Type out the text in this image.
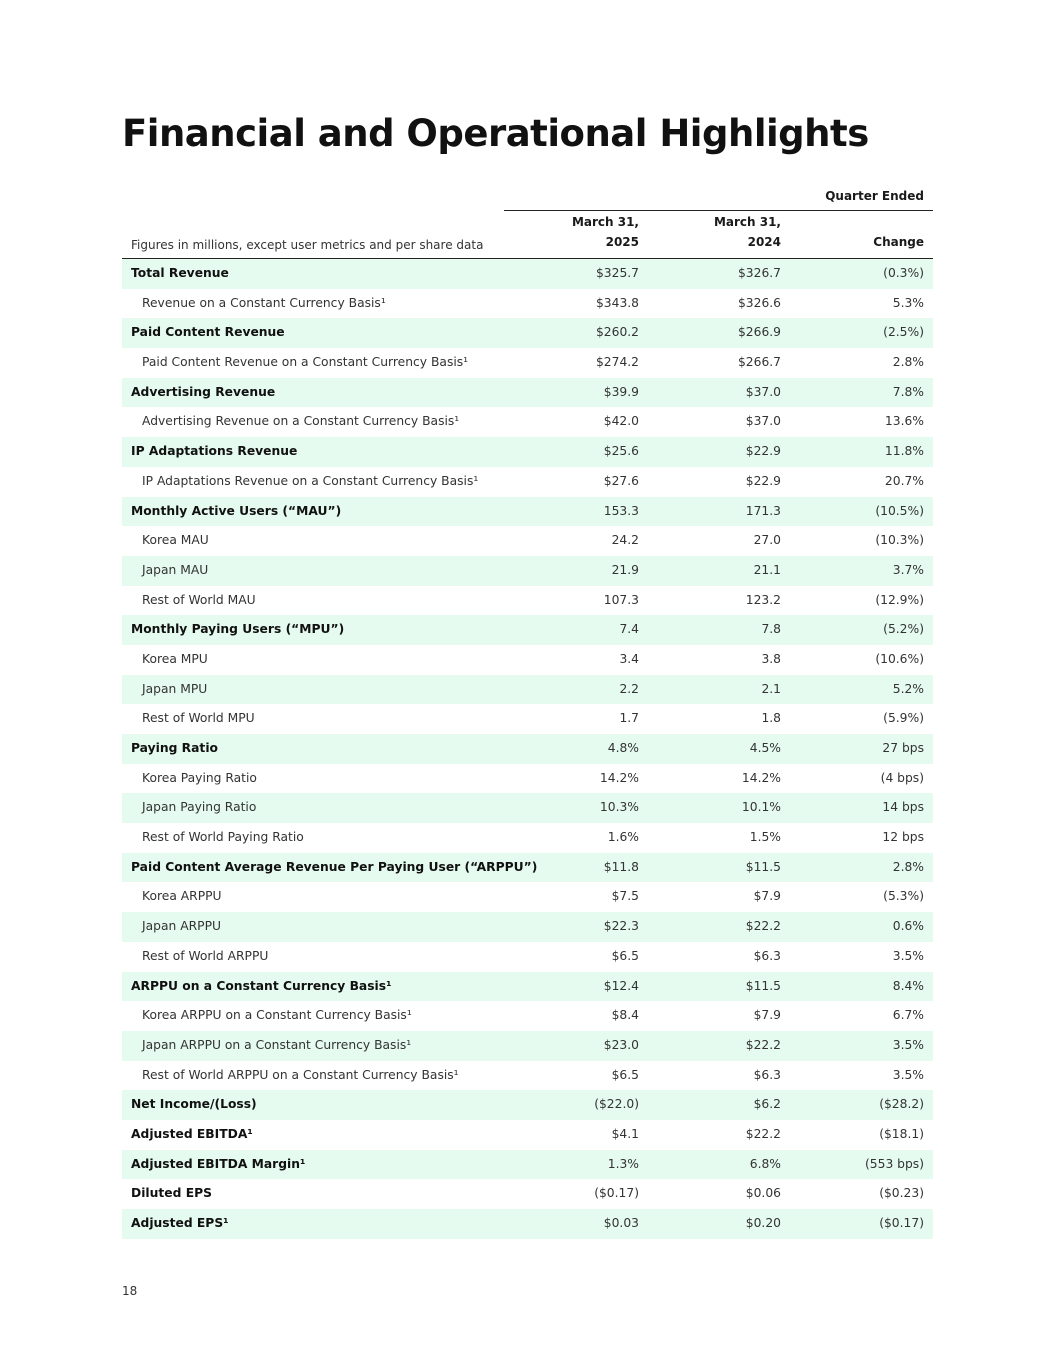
Financial and Operational Highlights
Quarter Ended
Figures in millions, except user metrics and per share data
March 31,
2025
March 31,
2024	Change
Total Revenue	$325.7	$326.7	(0.3%)
Revenue on a Constant Currency Basis¹	$343.8	$326.6	5.3%
Paid Content Revenue	$260.2	$266.9	(2.5%)
Paid Content Revenue on a Constant Currency Basis¹	$274.2	$266.7	2.8%
Advertising Revenue	$39.9	$37.0	7.8%
Advertising Revenue on a Constant Currency Basis¹	$42.0	$37.0	13.6%
IP Adaptations Revenue	$25.6	$22.9	11.8%
IP Adaptations Revenue on a Constant Currency Basis¹	$27.6	$22.9	20.7%
Monthly Active Users (“MAU”)	153.3	171.3	(10.5%)
Korea MAU	24.2	27.0	(10.3%)
Japan MAU	21.9	21.1	3.7%
Rest of World MAU	107.3	123.2	(12.9%)
Monthly Paying Users (“MPU”)	7.4	7.8	(5.2%)
Korea MPU	3.4	3.8	(10.6%)
Japan MPU	2.2	2.1	5.2%
Rest of World MPU	1.7	1.8	(5.9%)
Paying Ratio	4.8%	4.5%	27 bps
Korea Paying Ratio	14.2%	14.2%	(4 bps)
Japan Paying Ratio	10.3%	10.1%	14 bps
Rest of World Paying Ratio	1.6%	1.5%	12 bps
Paid Content Average Revenue Per Paying User (“ARPPU”)	$11.8	$11.5	2.8%
Korea ARPPU	$7.5	$7.9	(5.3%)
Japan ARPPU	$22.3	$22.2	0.6%
Rest of World ARPPU	$6.5	$6.3	3.5%
ARPPU on a Constant Currency Basis¹	$12.4	$11.5	8.4%
Korea ARPPU on a Constant Currency Basis¹	$8.4	$7.9	6.7%
Japan ARPPU on a Constant Currency Basis¹	$23.0	$22.2	3.5%
Rest of World ARPPU on a Constant Currency Basis¹	$6.5	$6.3	3.5%
Net Income/(Loss)	($22.0)	$6.2	($28.2)
Adjusted EBITDA¹	$4.1	$22.2	($18.1)
Adjusted EBITDA Margin¹	1.3%	6.8%	(553 bps)
Diluted EPS	($0.17)	$0.06	($0.23)
Adjusted EPS¹	$0.03	$0.20	($0.17)
18
